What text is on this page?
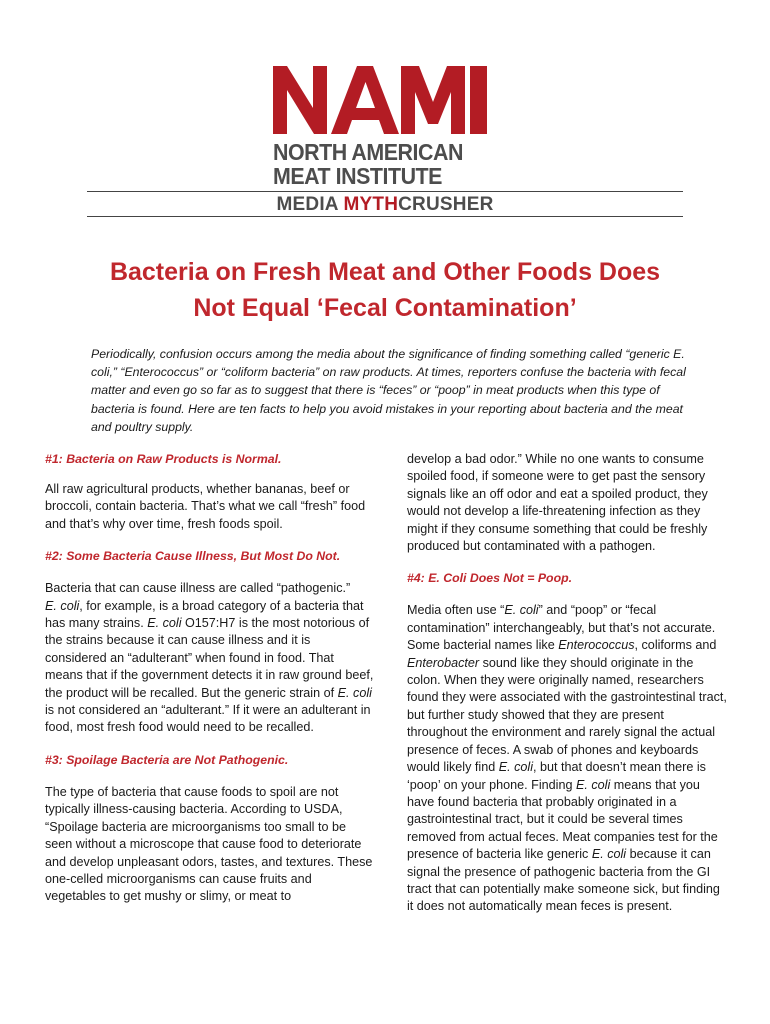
NAMI
NORTH AMERICAN
MEAT INSTITUTE
MEDIA MYTHCRUSHER
Bacteria on Fresh Meat and Other Foods Does
Not Equal ‘Fecal Contamination’
Periodically, confusion occurs among the media about the significance of finding something called “generic E. coli,” “Enterococcus” or “coliform bacteria” on raw products. At times, reporters confuse the bacteria with fecal matter and even go so far as to suggest that there is “feces” or “poop” in meat products when this type of bacteria is found. Here are ten facts to help you avoid mistakes in your reporting about bacteria and the meat and poultry supply.

#1: Bacteria on Raw Products is Normal.

All raw agricultural products, whether bananas, beef or broccoli, contain bacteria. That’s what we call “fresh” food and that’s why over time, fresh foods spoil.

#2: Some Bacteria Cause Illness, But Most Do Not.

Bacteria that can cause illness are called “pathogenic.”
E. coli, for example, is a broad category of a bacteria that has many strains. E. coli O157:H7 is the most notorious of the strains because it can cause illness and it is considered an “adulterant” when found in food. That means that if the government detects it in raw ground beef, the product will be recalled. But the generic strain of E. coli is not considered an “adulterant.” If it were an adulterant in food, most fresh food would need to be recalled.

#3: Spoilage Bacteria are Not Pathogenic.

The type of bacteria that cause foods to spoil are not typically illness-causing bacteria. According to USDA, “Spoilage bacteria are microorganisms too small to be seen without a microscope that cause food to deteriorate and develop unpleasant odors, tastes, and textures. These one-celled microorganisms can cause fruits and vegetables to get mushy or slimy, or meat to

develop a bad odor.” While no one wants to consume spoiled food, if someone were to get past the sensory signals like an off odor and eat a spoiled product, they would not develop a life-threatening infection as they might if they consume something that could be freshly produced but contaminated with a pathogen.

#4: E. Coli Does Not = Poop.

Media often use “E. coli” and “poop” or “fecal contamination” interchangeably, but that’s not accurate. Some bacterial names like Enterococcus, coliforms and Enterobacter sound like they should originate in the colon. When they were originally named, researchers found they were associated with the gastrointestinal tract, but further study showed that they are present throughout the environment and rarely signal the actual presence of feces. A swab of phones and keyboards would likely find E. coli, but that doesn’t mean there is ‘poop’ on your phone. Finding E. coli means that you have found bacteria that probably originated in a gastrointestinal tract, but it could be several times removed from actual feces. Meat companies test for the presence of bacteria like generic E. coli because it can signal the presence of pathogenic bacteria from the GI tract that can potentially make someone sick, but finding it does not automatically mean feces is present.
